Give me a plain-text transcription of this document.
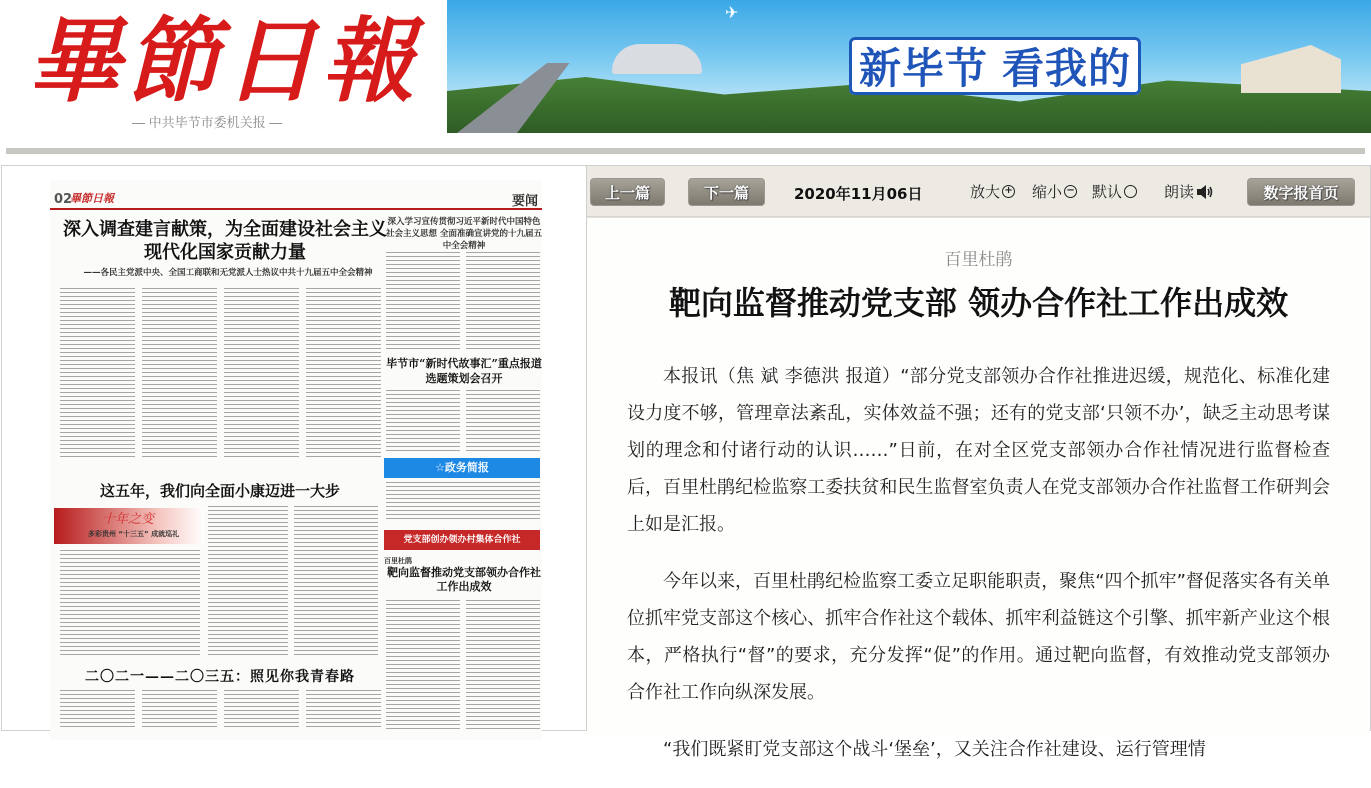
畢節日報
— 中共毕节市委机关报 —
✈
新毕节 看我的
02
畢節日報	要闻
深入调查建言献策，为全面建设社会主义现代化国家贡献力量
——各民主党派中央、全国工商联和无党派人士热议中共十九届五中全会精神
深入学习宣传贯彻习近平新时代中国特色社会主义思想 全面准确宣讲党的十九届五中全会精神
毕节市“新时代故事汇”重点报道选题策划会召开
☆政务简报
党支部创办领办村集体合作社
百里杜鹃
靶向监督推动党支部领办合作社工作出成效
这五年，我们向全面小康迈进一大步
十年之变
多彩贵州 “十三五” 成就巡礼
二〇二一——二〇三五：照见你我青春路
上一篇	下一篇	2020年11月06日	放大 + 缩小 − 默认	朗读	数字报首页
百里杜鹃
靶向监督推动党支部 领办合作社工作出成效

本报讯（焦 斌 李德洪 报道）“部分党支部领办合作社推进迟缓，规范化、标准化建设力度不够，管理章法紊乱，实体效益不强；还有的党支部‘只领不办’，缺乏主动思考谋划的理念和付诸行动的认识……”日前，在对全区党支部领办合作社情况进行监督检查后，百里杜鹃纪检监察工委扶贫和民生监督室负责人在党支部领办合作社监督工作研判会上如是汇报。

今年以来，百里杜鹃纪检监察工委立足职能职责，聚焦“四个抓牢”督促落实各有关单位抓牢党支部这个核心、抓牢合作社这个载体、抓牢利益链这个引擎、抓牢新产业这个根本，严格执行“督”的要求，充分发挥“促”的作用。通过靶向监督，有效推动党支部领办合作社工作向纵深发展。

“我们既紧盯党支部这个战斗‘堡垒’，又关注合作社建设、运行管理情
